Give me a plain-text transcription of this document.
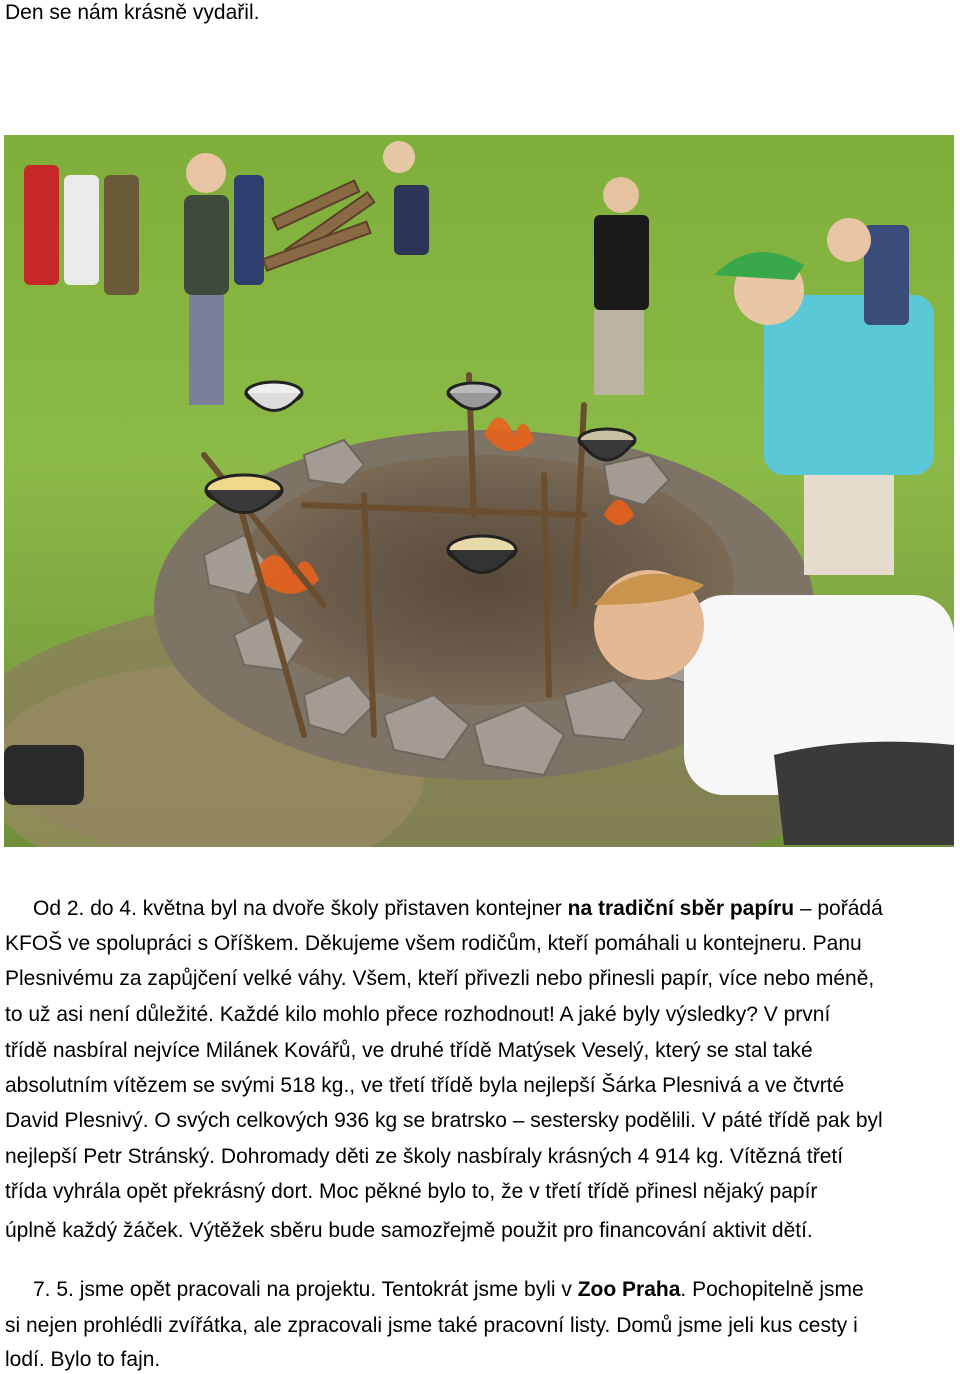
Den se nám krásně vydařil.
Od 2. do 4. května byl na dvoře školy přistaven kontejner na tradiční sběr papíru – pořádá
KFOŠ ve spolupráci s Oříškem. Děkujeme všem rodičům, kteří pomáhali u kontejneru. Panu
Plesnivému za zapůjčení velké váhy. Všem, kteří přivezli nebo přinesli papír, více nebo méně,
to už asi není důležité. Každé kilo mohlo přece rozhodnout! A jaké byly výsledky? V první
třídě nasbíral nejvíce Milánek Kovářů, ve druhé třídě Matýsek Veselý, který se stal také
absolutním vítězem se svými 518 kg., ve třetí třídě byla nejlepší Šárka Plesnivá a ve čtvrté
David Plesnivý. O svých celkových 936 kg se bratrsko – sestersky podělili. V páté třídě pak byl
nejlepší Petr Stránský. Dohromady děti ze školy nasbíraly krásných 4 914 kg. Vítězná třetí
třída vyhrála opět překrásný dort. Moc pěkné bylo to, že v třetí třídě přinesl nějaký papír
úplně každý žáček. Výtěžek sběru bude samozřejmě použit pro financování aktivit dětí.
7. 5. jsme opět pracovali na projektu. Tentokrát jsme byli v Zoo Praha. Pochopitelně jsme
si nejen prohlédli zvířátka, ale zpracovali jsme také pracovní listy. Domů jsme jeli kus cesty i
lodí. Bylo to fajn.
